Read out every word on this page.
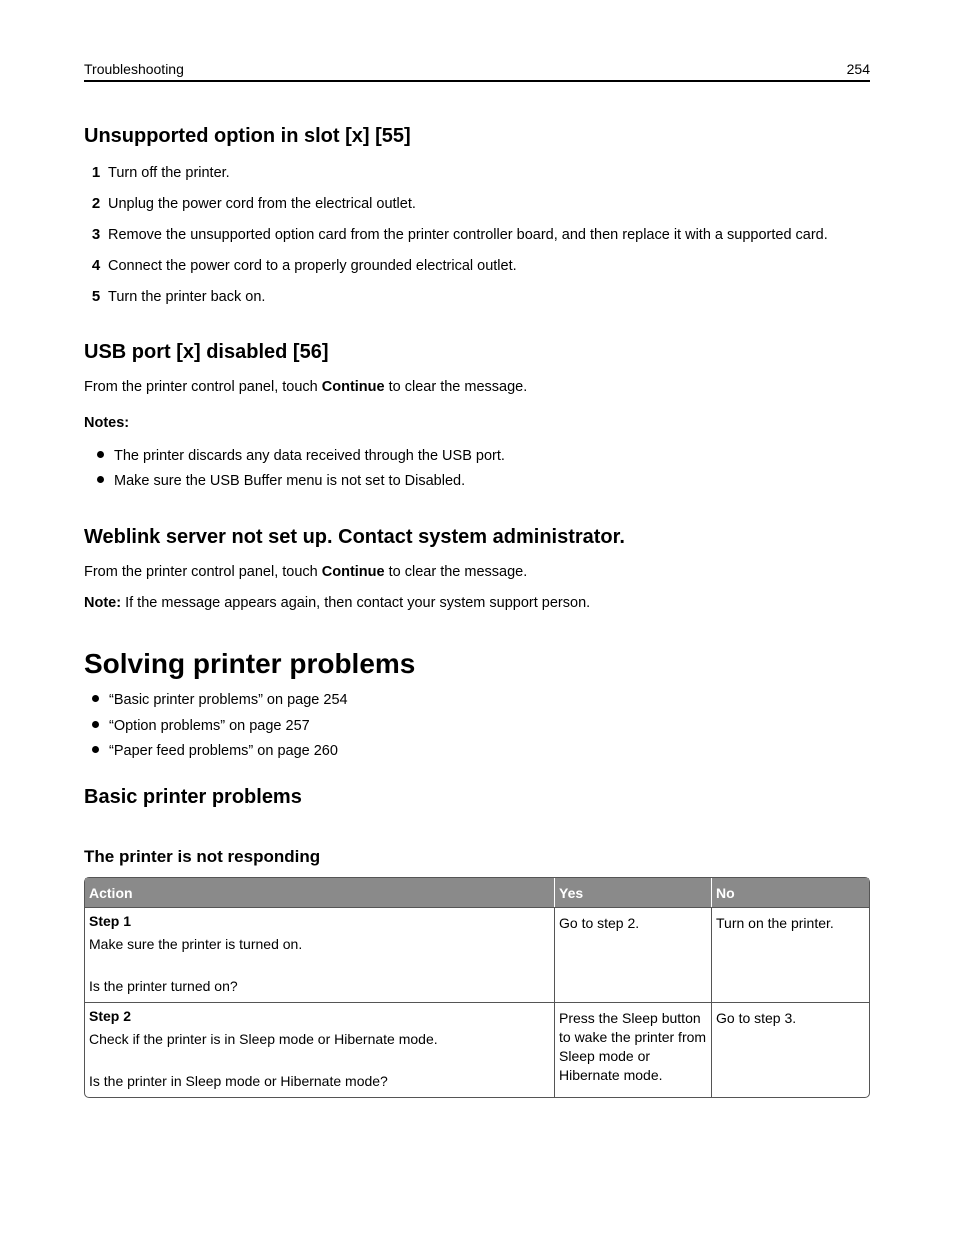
Troubleshooting	254
Unsupported option in slot [x] [55]
1 Turn off the printer.
2 Unplug the power cord from the electrical outlet.
3 Remove the unsupported option card from the printer controller board, and then replace it with a supported card.
4 Connect the power cord to a properly grounded electrical outlet.
5 Turn the printer back on.
USB port [x] disabled [56]
From the printer control panel, touch Continue to clear the message.
Notes:
The printer discards any data received through the USB port.
Make sure the USB Buffer menu is not set to Disabled.
Weblink server not set up. Contact system administrator.
From the printer control panel, touch Continue to clear the message.
Note: If the message appears again, then contact your system support person.
Solving printer problems
“Basic printer problems” on page 254
“Option problems” on page 257
“Paper feed problems” on page 260
Basic printer problems
The printer is not responding
Action	Yes	No

Step 1
Make sure the printer is turned on.
Is the printer turned on?	Go to step 2.	Turn on the printer.

Step 2
Check if the printer is in Sleep mode or Hibernate mode.
Is the printer in Sleep mode or Hibernate mode?	Press the Sleep button to wake the printer from Sleep mode or Hibernate mode.	Go to step 3.
